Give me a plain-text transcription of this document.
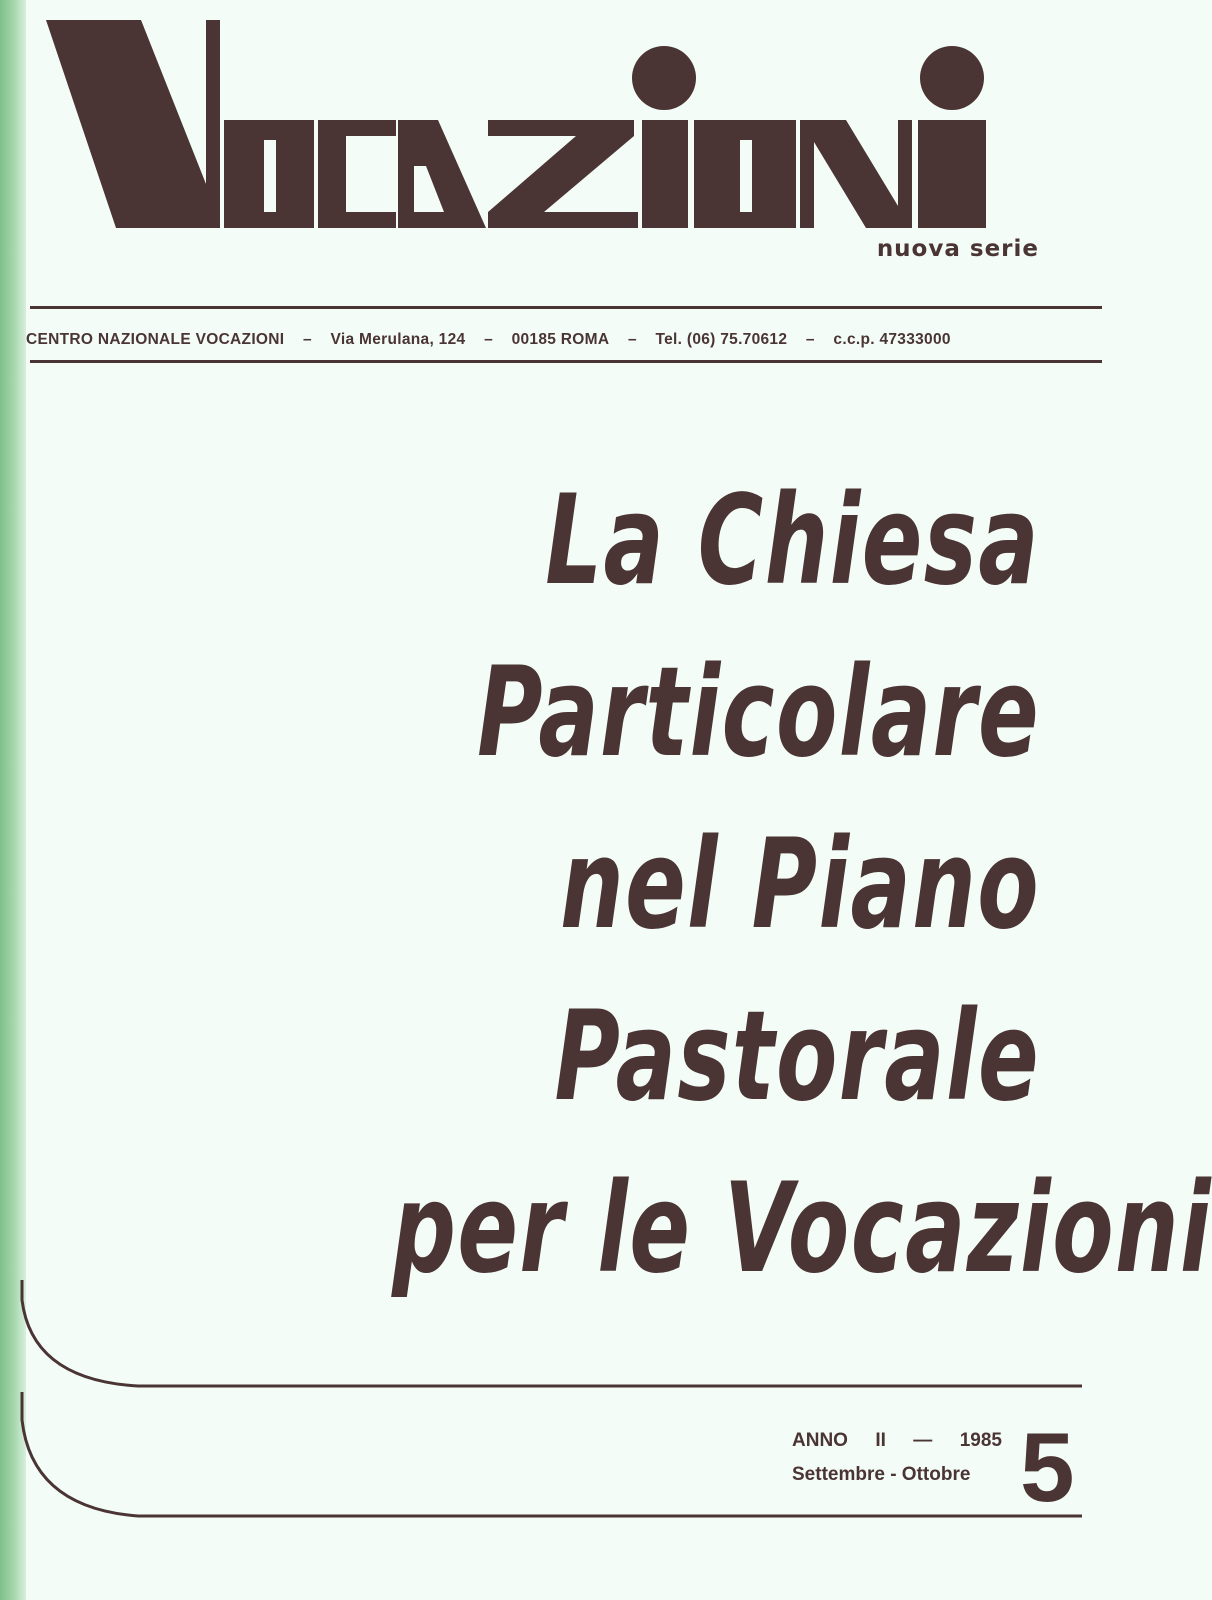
nuova serie
CENTRO NAZIONALE VOCAZIONI – Via Merulana, 124 – 00185 ROMA – Tel. (06) 75.70612 – c.c.p. 47333000
La Chiesa
Particolare
nel Piano
Pastorale
per le Vocazioni
ANNO II — 1985
Settembre - Ottobre 5
